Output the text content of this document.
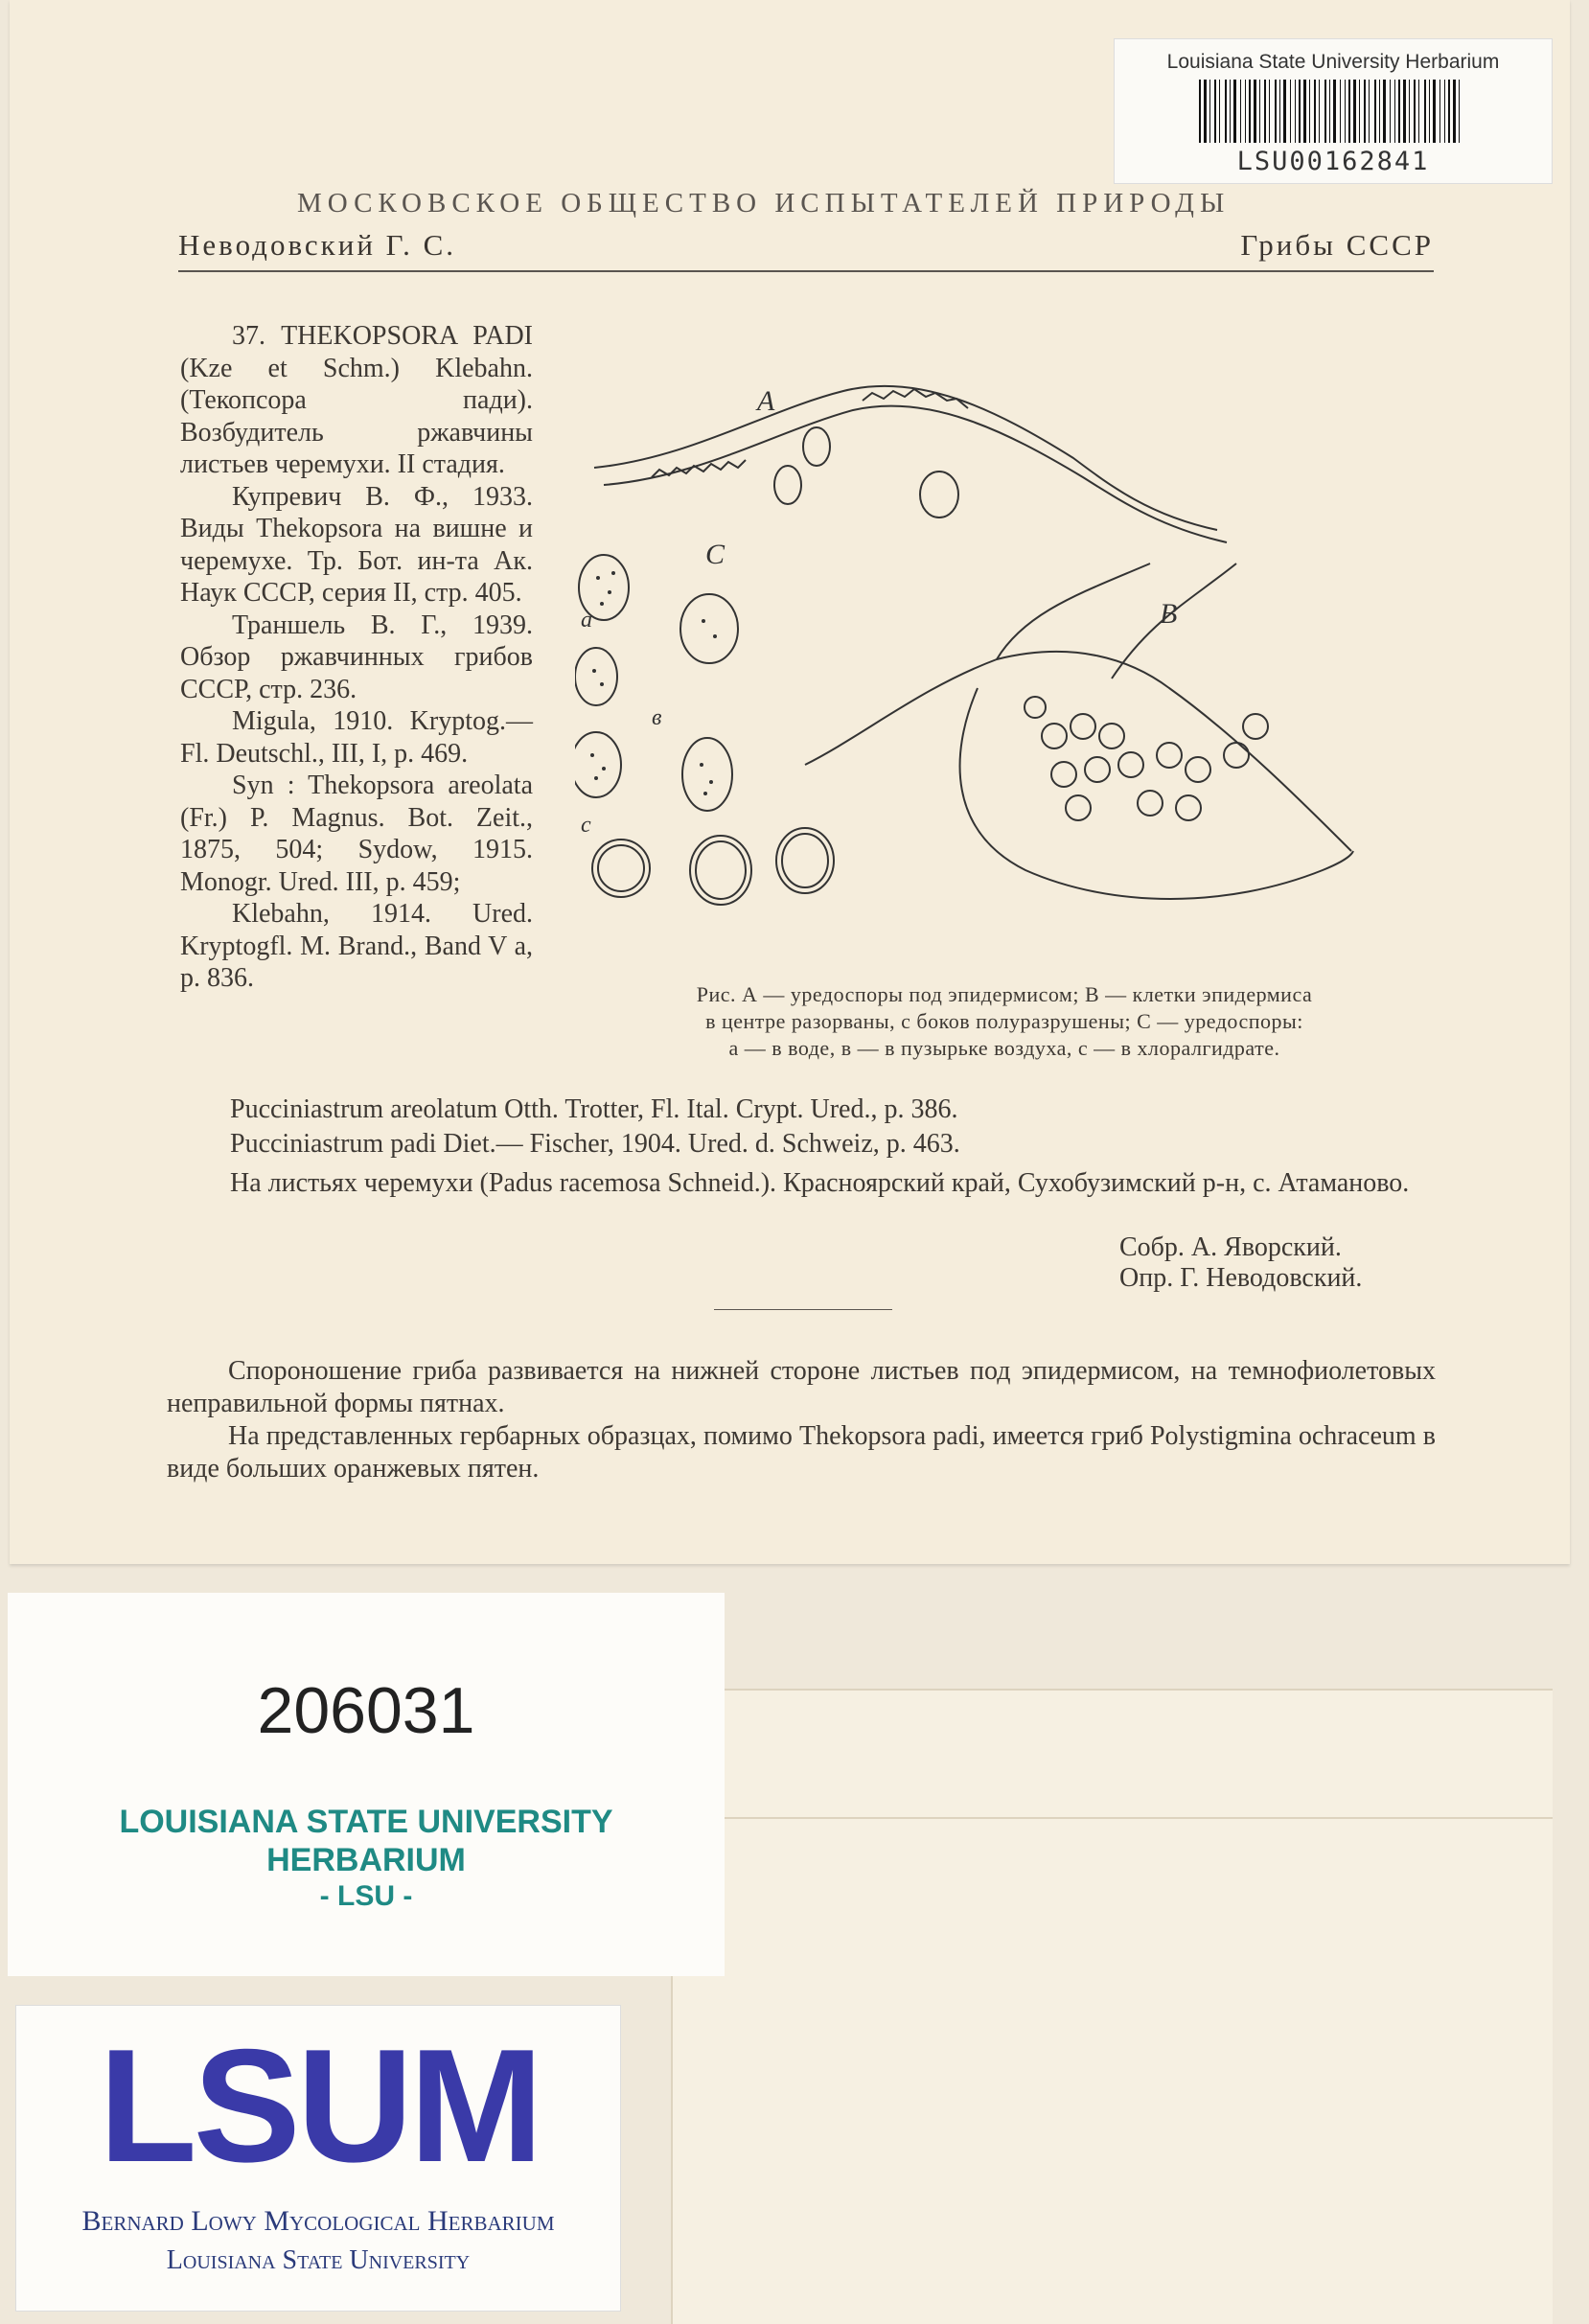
Louisiana State University Herbarium
LSU00162841
МОСКОВСКОЕ ОБЩЕСТВО ИСПЫТАТЕЛЕЙ ПРИРОДЫ
Неводовский Г. С.	Грибы СССР

37. THEKOPSORA PADI (Kze et Schm.) Klebahn. (Текопсора пади). Возбудитель ржавчины листьев черемухи. II стадия.

Купревич В. Ф., 1933. Виды Thekopsora на вишне и черемухе. Тр. Бот. ин-та Ак. Наук СССР, серия II, стр. 405.

Траншель В. Г., 1939. Обзор ржавчинных грибов СССР, стр. 236.

Migula, 1910. Kryptog.—Fl. Deutschl., III, I, p. 469.

Syn : Thekopsora areolata (Fr.) P. Magnus. Bot. Zeit., 1875, 504; Sydow, 1915. Monogr. Ured. III, p. 459;

Klebahn, 1914. Ured. Kryptogfl. M. Brand., Band V a, p. 836.

A
B
C
a
в
c
Рис. А — уредоспоры под эпидермисом; В — клетки эпидермиса
в центре разорваны, с боков полуразрушены; С — уредоспоры:
а — в воде, в — в пузырьке воздуха, с — в хлоралгидрате.
Pucciniastrum areolatum Otth. Trotter, Fl. Ital. Crypt. Ured., p. 386.
Pucciniastrum padi Diet.— Fischer, 1904. Ured. d. Schweiz, p. 463.
На листьях черемухи (Padus racemosa Schneid.). Красноярский край, Сухобузимский р-н, с. Атаманово.
Собр. А. Яворский.
Опр. Г. Неводовский.
Спороношение гриба развивается на нижней стороне листьев под эпидермисом, на темнофиолетовых неправильной формы пятнах.
На представленных гербарных образцах, помимо Thekopsora padi, имеется гриб Polystigmina ochraceum в виде больших оранжевых пятен.
206031
LOUISIANA STATE UNIVERSITY
HERBARIUM
- LSU -
LSUM
Bernard Lowy Mycological Herbarium
Louisiana State University
